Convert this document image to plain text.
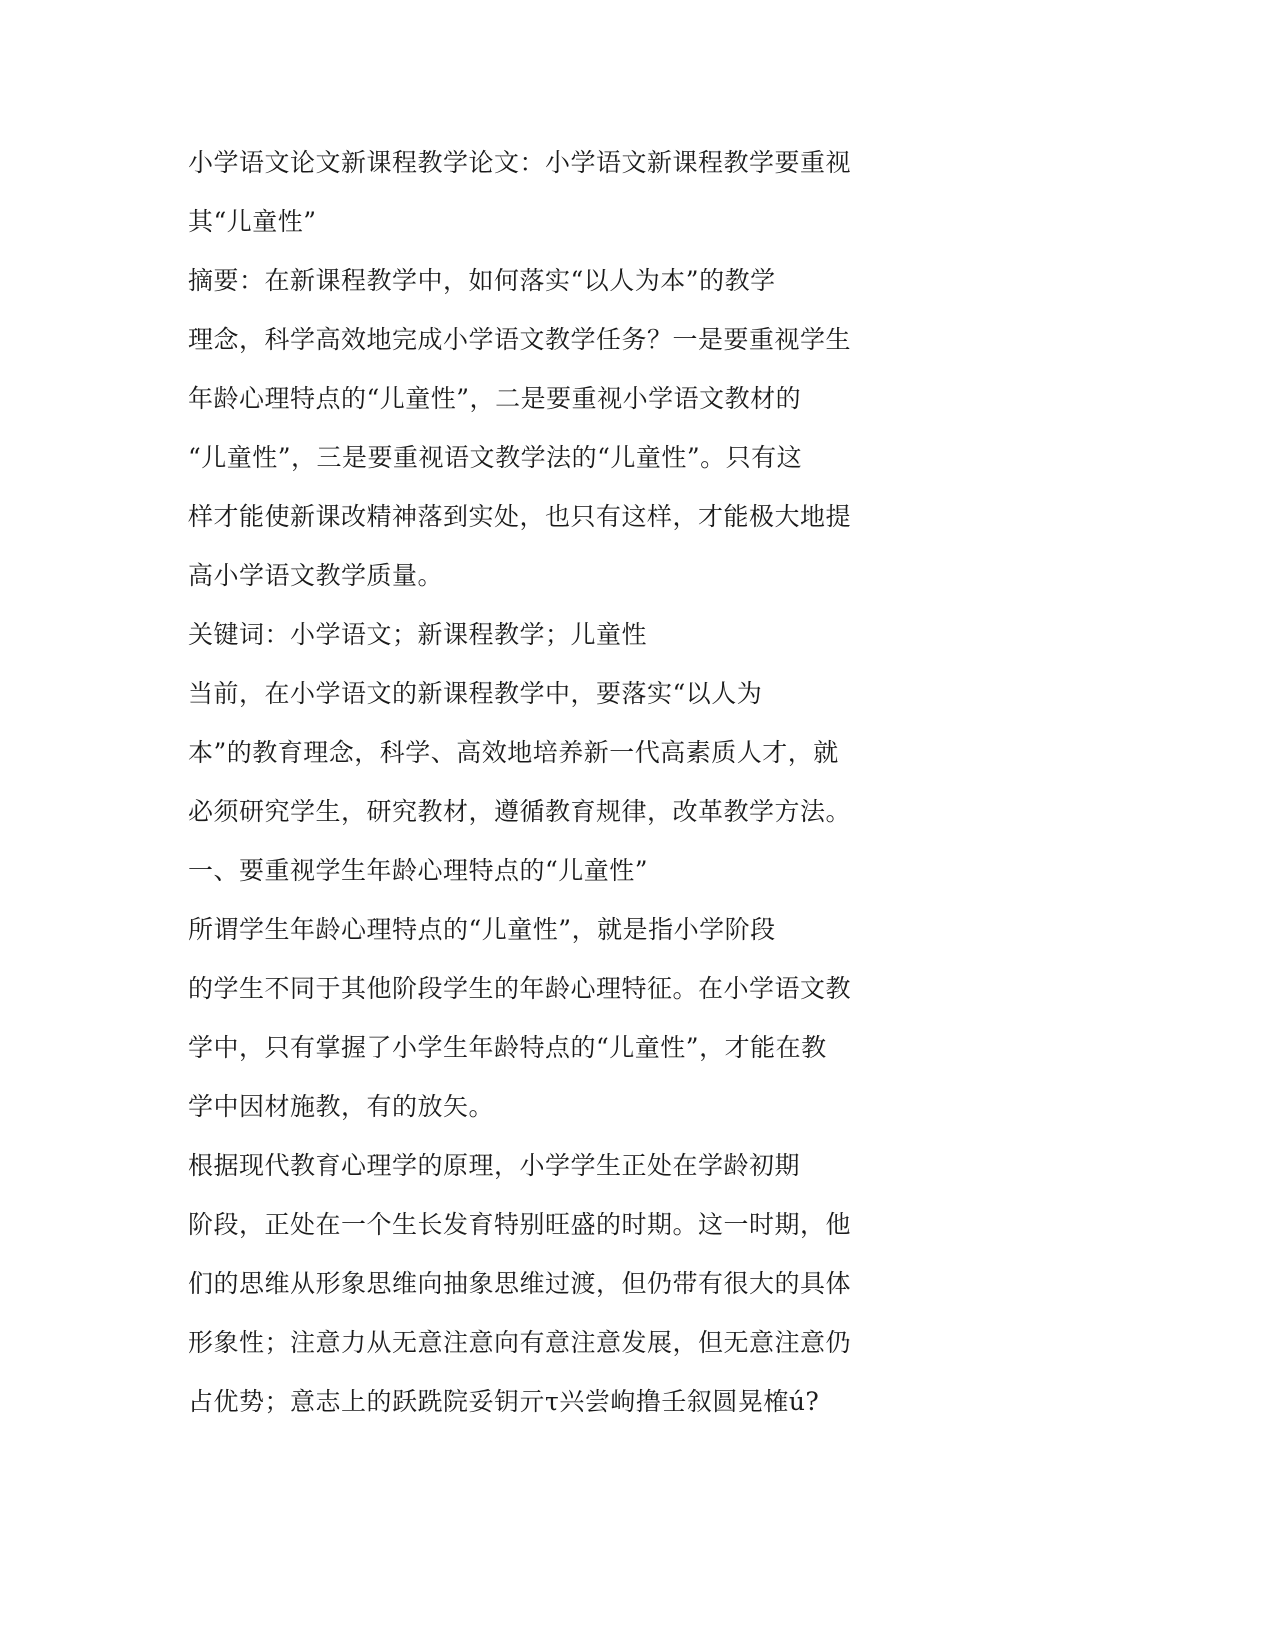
小学语文论文新课程教学论文：小学语文新课程教学要重视
其“儿童性”
摘要：在新课程教学中，如何落实“以人为本”的教学
理念，科学高效地完成小学语文教学任务？一是要重视学生
年龄心理特点的“儿童性”，二是要重视小学语文教材的
“儿童性”，三是要重视语文教学法的“儿童性”。只有这
样才能使新课改精神落到实处，也只有这样，才能极大地提
高小学语文教学质量。
关键词：小学语文；新课程教学；儿童性
当前，在小学语文的新课程教学中，要落实“以人为
本”的教育理念，科学、高效地培养新一代高素质人才，就
必须研究学生，研究教材，遵循教育规律，改革教学方法。
一、要重视学生年龄心理特点的“儿童性”
所谓学生年龄心理特点的“儿童性”，就是指小学阶段
的学生不同于其他阶段学生的年龄心理特征。在小学语文教
学中，只有掌握了小学生年龄特点的“儿童性”，才能在教
学中因材施教，有的放矢。
根据现代教育心理学的原理，小学学生正处在学龄初期
阶段，正处在一个生长发育特别旺盛的时期。这一时期，他
们的思维从形象思维向抽象思维过渡，但仍带有很大的具体
形象性；注意力从无意注意向有意注意发展，但无意注意仍
占优势；意志上的跃跣院妥钥亓τ兴尝岣撸壬叙圆晃榷ú?
